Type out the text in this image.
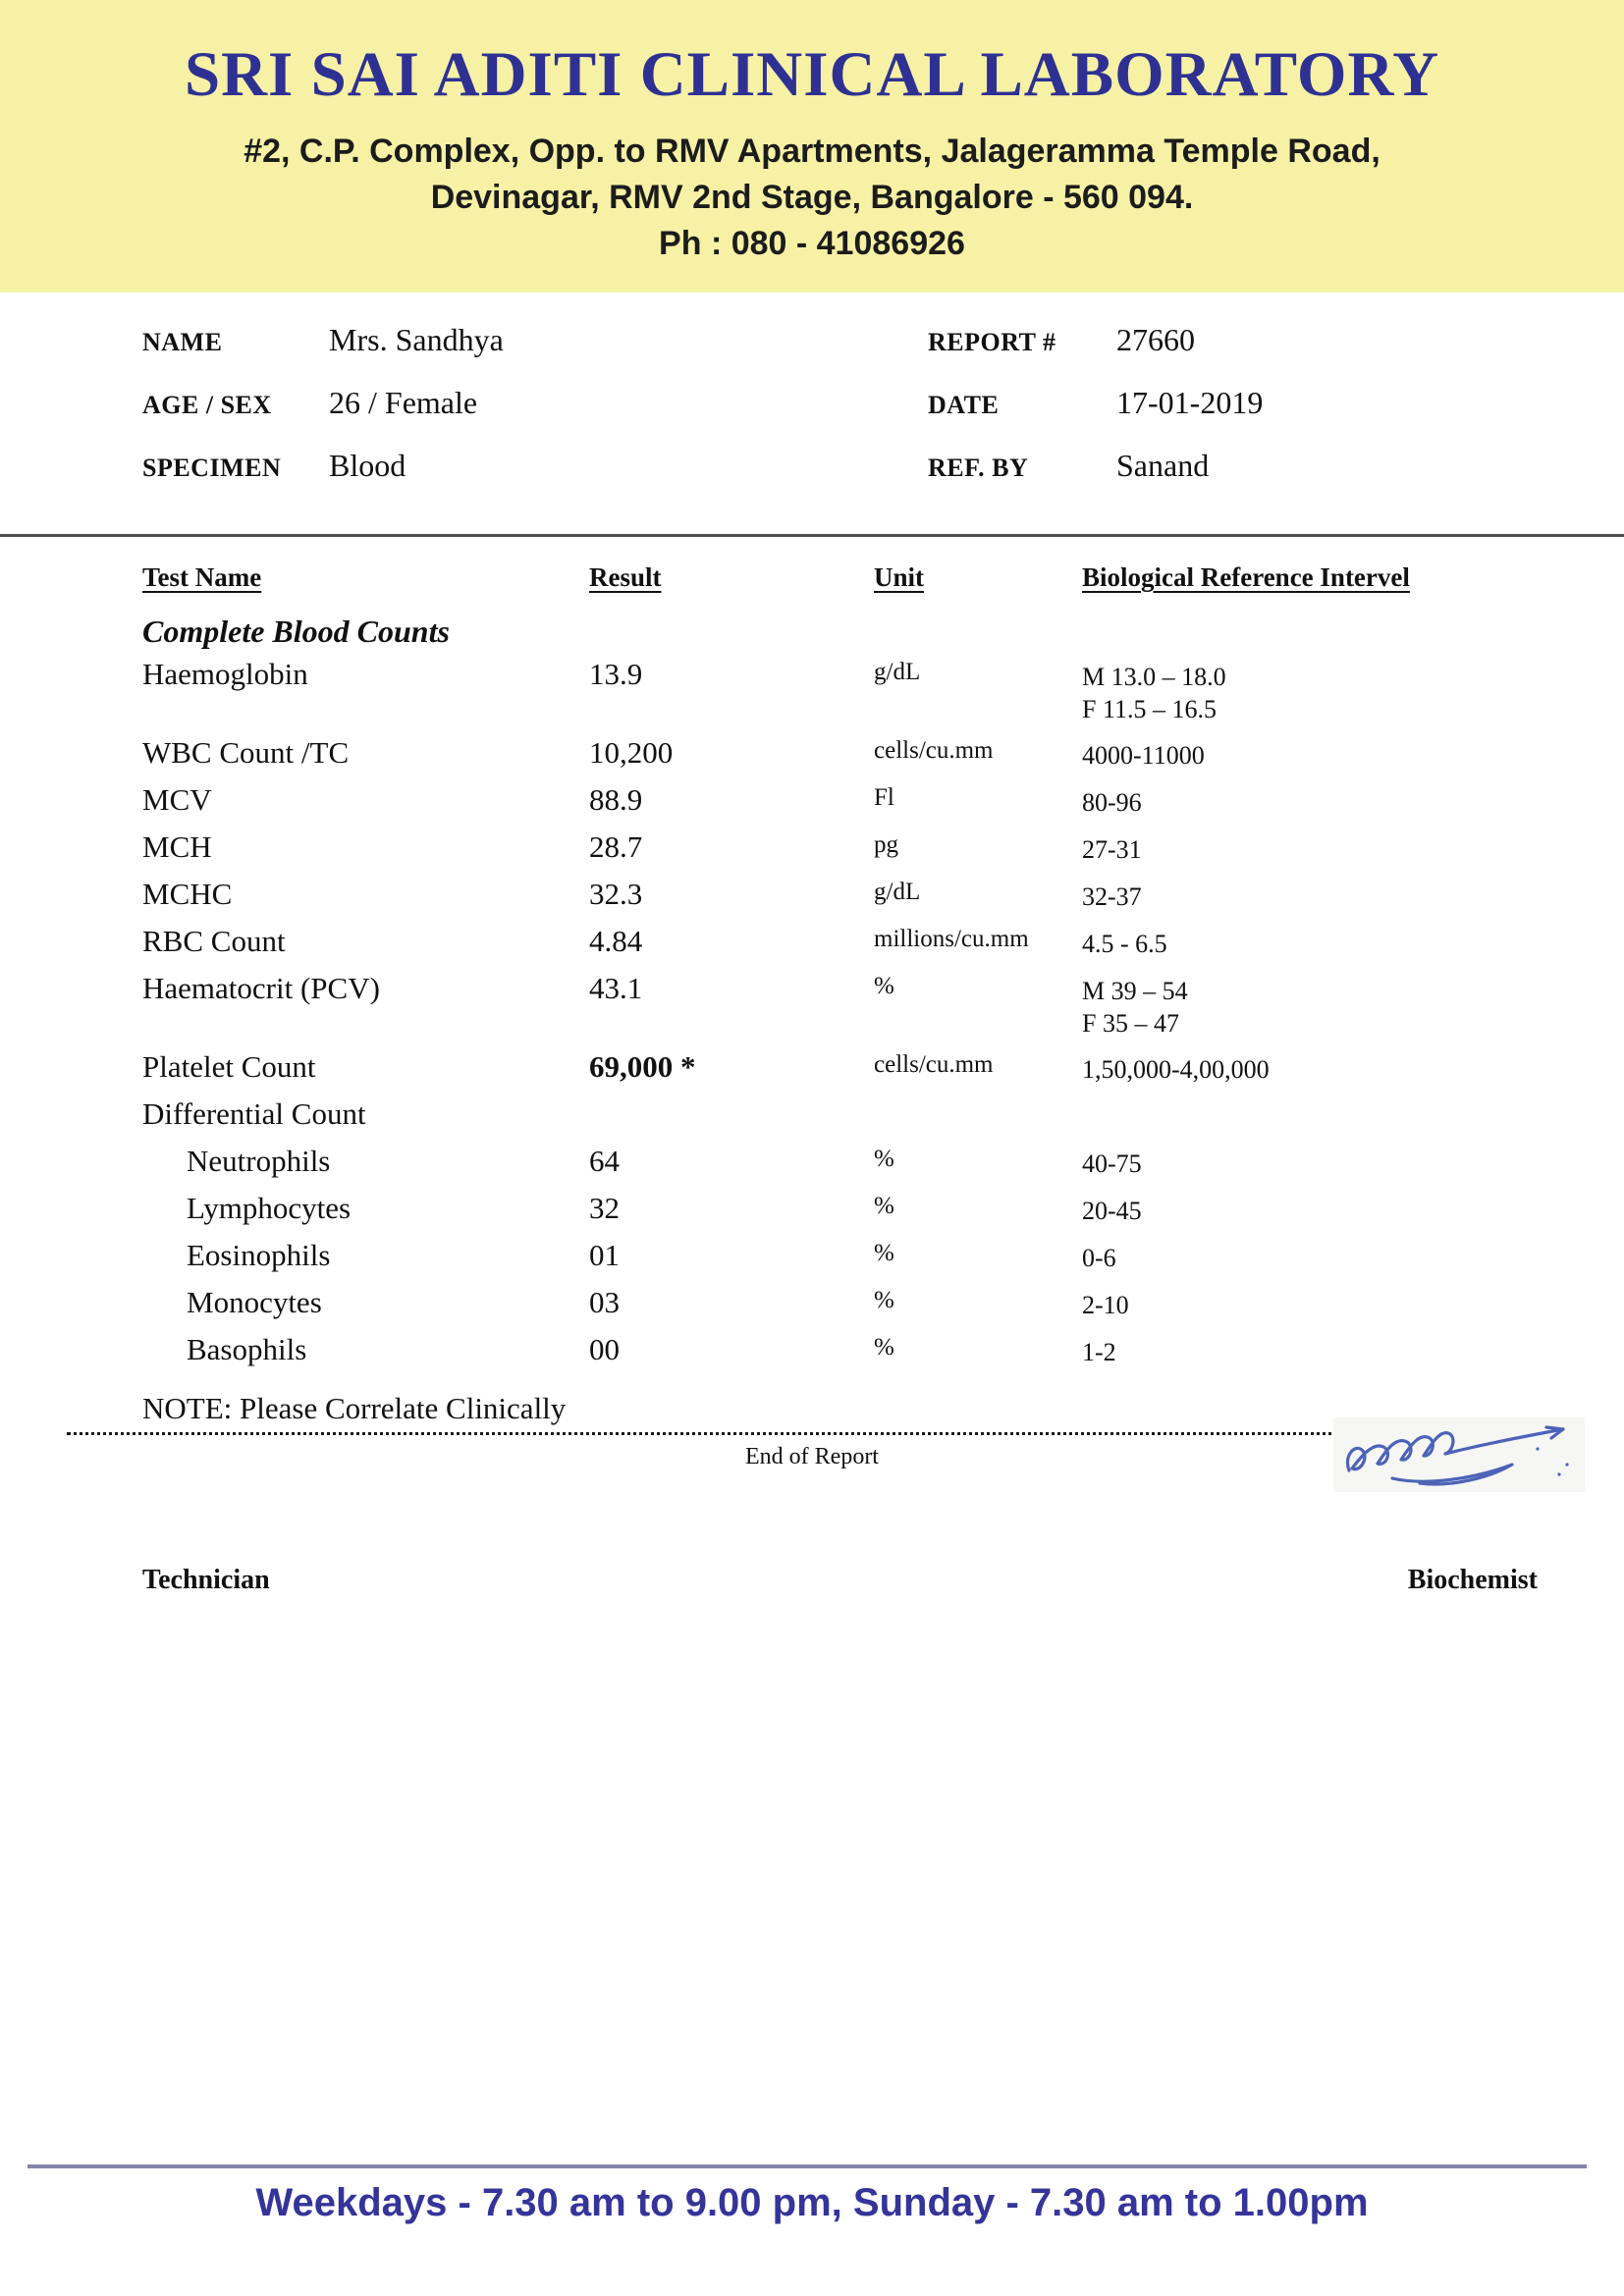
SRI SAI ADITI CLINICAL LABORATORY
#2, C.P. Complex, Opp. to RMV Apartments, Jalageramma Temple Road,
Devinagar, RMV 2nd Stage, Bangalore - 560 094.
Ph : 080 - 41086926
NAME	Mrs. Sandhya	REPORT #	27660
AGE / SEX	26 / Female	DATE	17-01-2019
SPECIMEN	Blood	REF. BY	Sanand
Test Name	Result	Unit	Biological Reference Intervel
Complete Blood Counts
Haemoglobin	13.9	g/dL	M 13.0 – 18.0
F 11.5 – 16.5
WBC Count /TC	10,200	cells/cu.mm	4000-11000
MCV	88.9	Fl	80-96
MCH	28.7	pg	27-31
MCHC	32.3	g/dL	32-37
RBC Count	4.84	millions/cu.mm	4.5 - 6.5
Haematocrit (PCV)	43.1	%	M 39 – 54
F 35 – 47
Platelet Count	69,000 *	cells/cu.mm	1,50,000-4,00,000
Differential Count
Neutrophils	64	%	40-75
Lymphocytes	32	%	20-45
Eosinophils	01	%	0-6
Monocytes	03	%	2-10
Basophils	00	%	1-2
NOTE: Please Correlate Clinically
End of Report
Technician	Biochemist
Weekdays - 7.30 am to 9.00 pm, Sunday - 7.30 am to 1.00pm
